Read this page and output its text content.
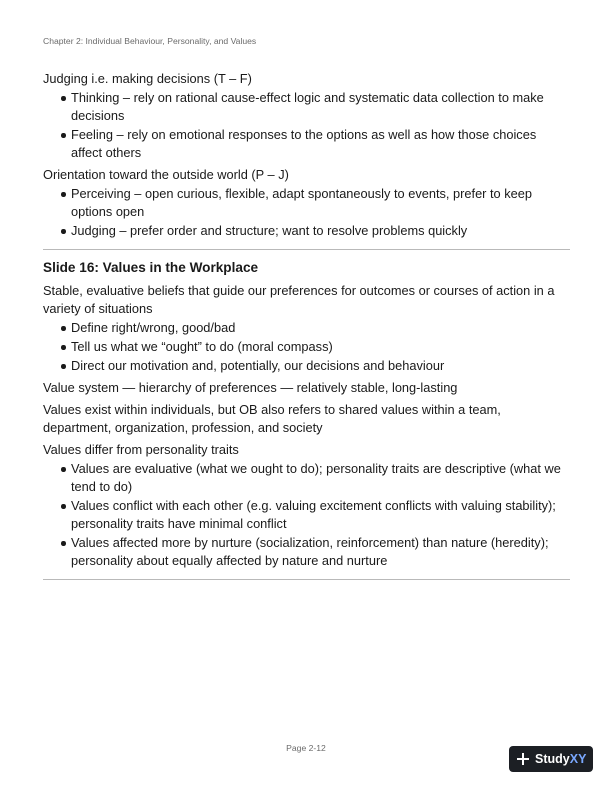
Chapter 2: Individual Behaviour, Personality, and Values

Judging i.e. making decisions (T – F)

Thinking – rely on rational cause-effect logic and systematic data collection to make decisions
Feeling – rely on emotional responses to the options as well as how those choices affect others

Orientation toward the outside world (P – J)

Perceiving – open curious, flexible, adapt spontaneously to events, prefer to keep options open
Judging – prefer order and structure; want to resolve problems quickly

Slide 16: Values in the Workplace

Stable, evaluative beliefs that guide our preferences for outcomes or courses of action in a variety of situations

Define right/wrong, good/bad
Tell us what we “ought” to do (moral compass)
Direct our motivation and, potentially, our decisions and behaviour

Value system — hierarchy of preferences — relatively stable, long-lasting

Values exist within individuals, but OB also refers to shared values within a team, department, organization, profession, and society

Values differ from personality traits

Values are evaluative (what we ought to do); personality traits are descriptive (what we tend to do)
Values conflict with each other (e.g. valuing excitement conflicts with valuing stability); personality traits have minimal conflict
Values affected more by nurture (socialization, reinforcement) than nature (heredity); personality about equally affected by nature and nurture
Page 2-12
StudyXY
